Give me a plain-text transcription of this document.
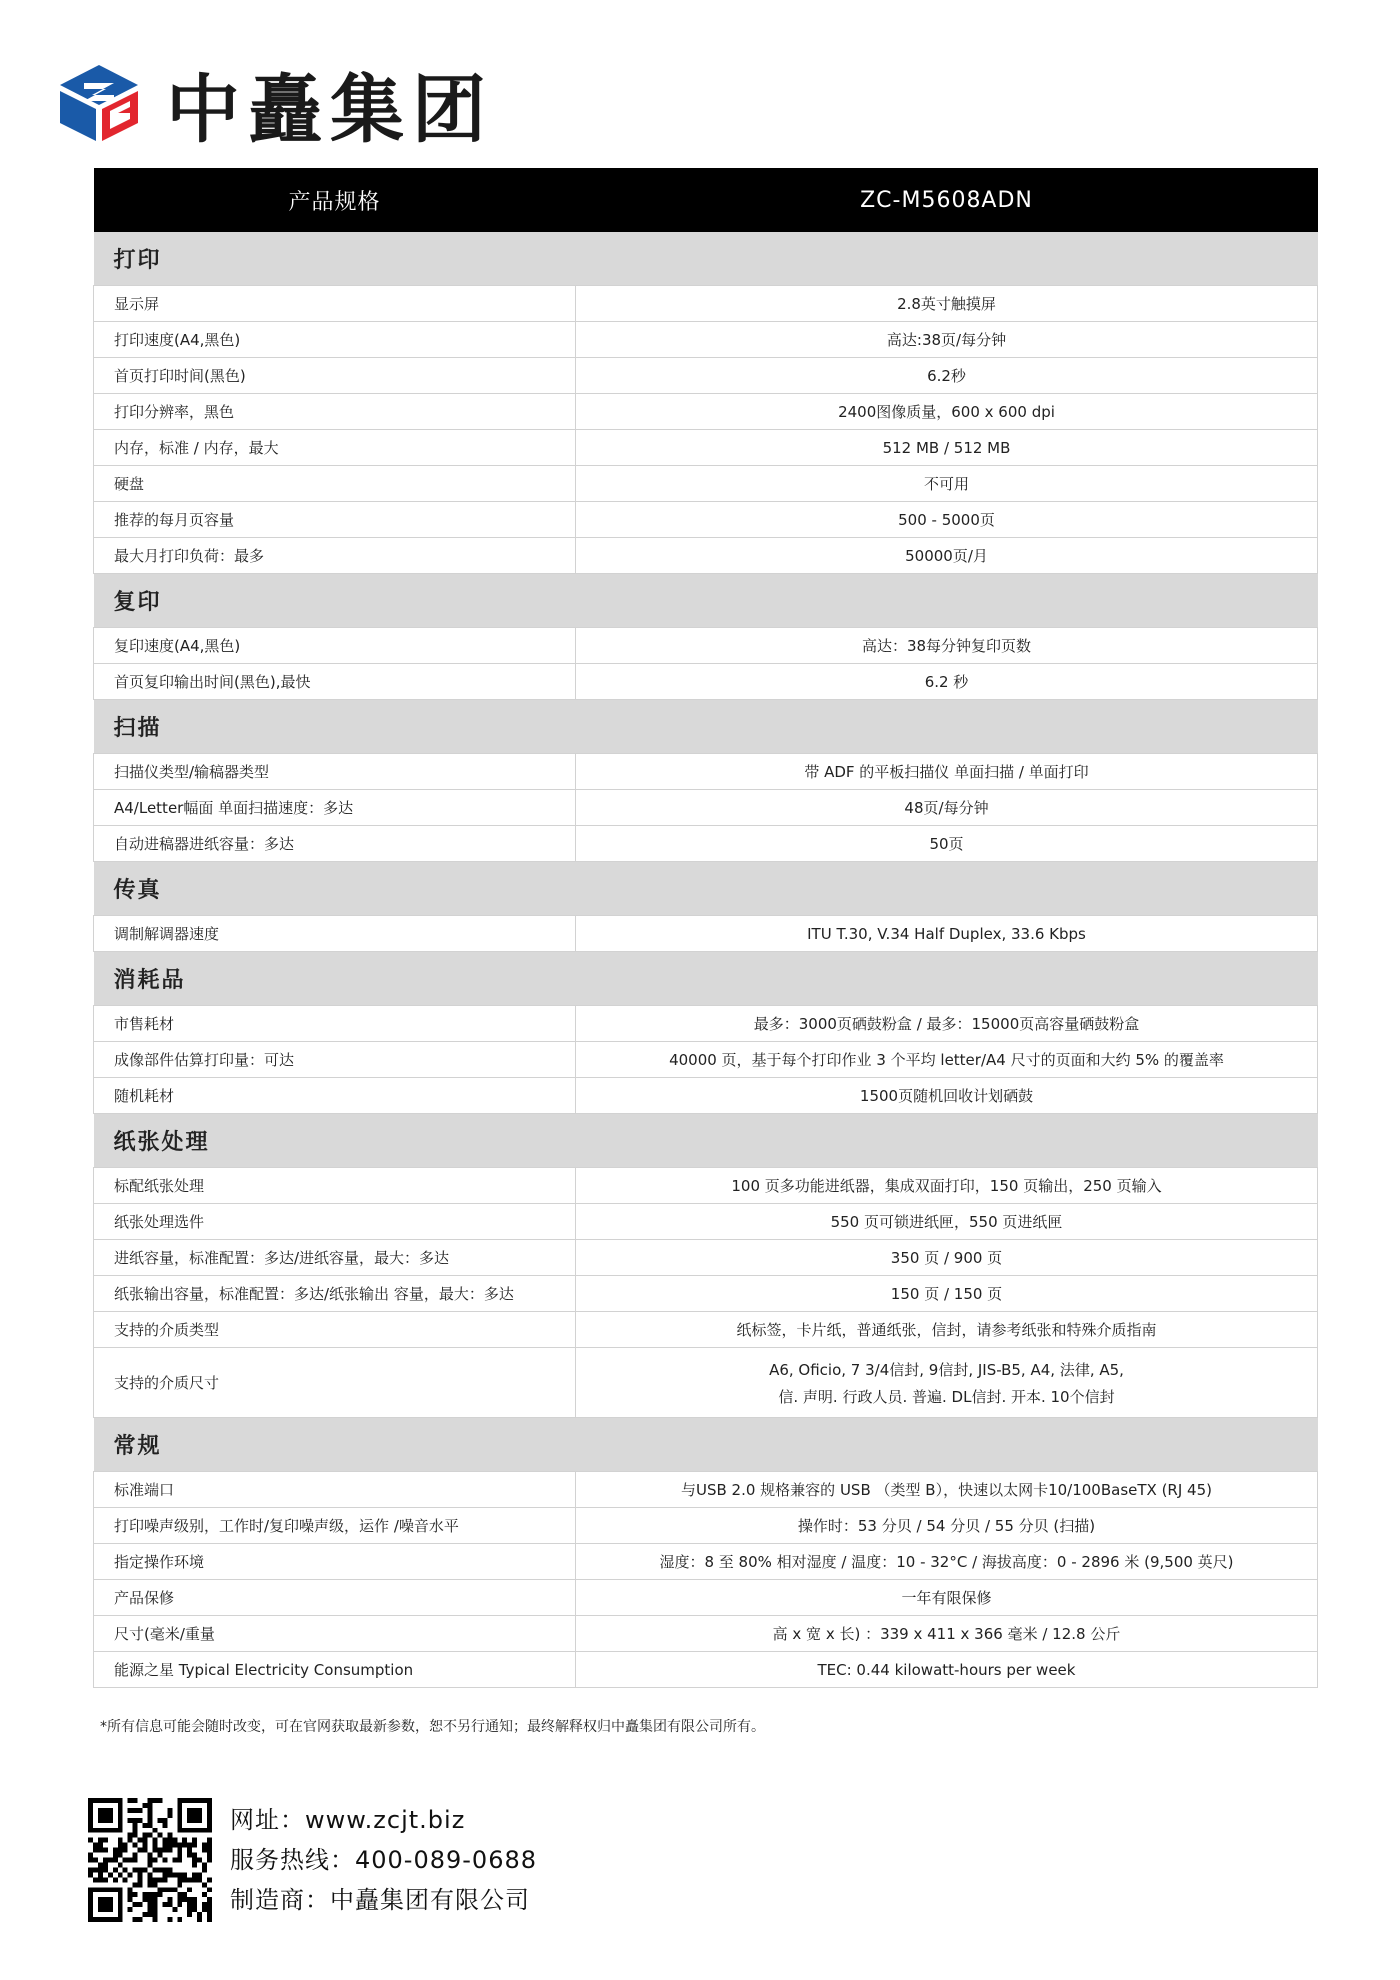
中矗集团
产品规格	ZC-M5608ADN
打印	
显示屏	2.8英寸触摸屏
打印速度(A4,黑色)	高达:38页/每分钟
首页打印时间(黑色)	6.2秒
打印分辨率，黑色	2400图像质量，600 x 600 dpi
内存，标准 / 内存，最大	512 MB / 512 MB
硬盘	不可用
推荐的每月页容量	500 - 5000页
最大月打印负荷：最多	50000页/月
复印	
复印速度(A4,黑色)	高达：38每分钟复印页数
首页复印输出时间(黑色),最快	6.2 秒
扫描	
扫描仪类型/输稿器类型	带 ADF 的平板扫描仪 单面扫描 / 单面打印
A4/Letter幅面 单面扫描速度：多达	48页/每分钟
自动进稿器进纸容量：多达	50页
传真	
调制解调器速度	ITU T.30, V.34 Half Duplex, 33.6 Kbps
消耗品	
市售耗材	最多：3000页硒鼓粉盒 / 最多：15000页高容量硒鼓粉盒
成像部件估算打印量：可达	40000 页，基于每个打印作业 3 个平均 letter/A4 尺寸的页面和大约 5% 的覆盖率
随机耗材	1500页随机回收计划硒鼓
纸张处理	
标配纸张处理	100 页多功能进纸器，集成双面打印，150 页输出，250 页输入
纸张处理选件	550 页可锁进纸匣，550 页进纸匣
进纸容量，标准配置：多达/进纸容量，最大：多达	350 页 / 900 页
纸张输出容量，标准配置：多达/纸张输出 容量，最大：多达	150 页 / 150 页
支持的介质类型	纸标签，卡片纸，普通纸张，信封，请参考纸张和特殊介质指南
支持的介质尺寸	A6, Oficio, 7 3/4信封, 9信封, JIS-B5, A4, 法律, A5,
信. 声明. 行政人员. 普遍. DL信封. 开本. 10个信封

常规	
标准端口	与USB 2.0 规格兼容的 USB （类型 B），快速以太网卡10/100BaseTX (RJ 45)
打印噪声级别，工作时/复印噪声级，运作 /噪音水平	操作时：53 分贝 / 54 分贝 / 55 分贝 (扫描)
指定操作环境	湿度：8 至 80% 相对湿度 / 温度：10 - 32°C / 海拔高度：0 - 2896 米 (9,500 英尺)
产品保修	一年有限保修
尺寸(毫米/重量	高 x 宽 x 长) ：339 x 411 x 366 毫米 / 12.8 公斤
能源之星 Typical Electricity Consumption	TEC: 0.44 kilowatt-hours per week
*所有信息可能会随时改变，可在官网获取最新参数，恕不另行通知；最终解释权归中矗集团有限公司所有。
网址：www.zcjt.biz
服务热线：400-089-0688
制造商：中矗集团有限公司
